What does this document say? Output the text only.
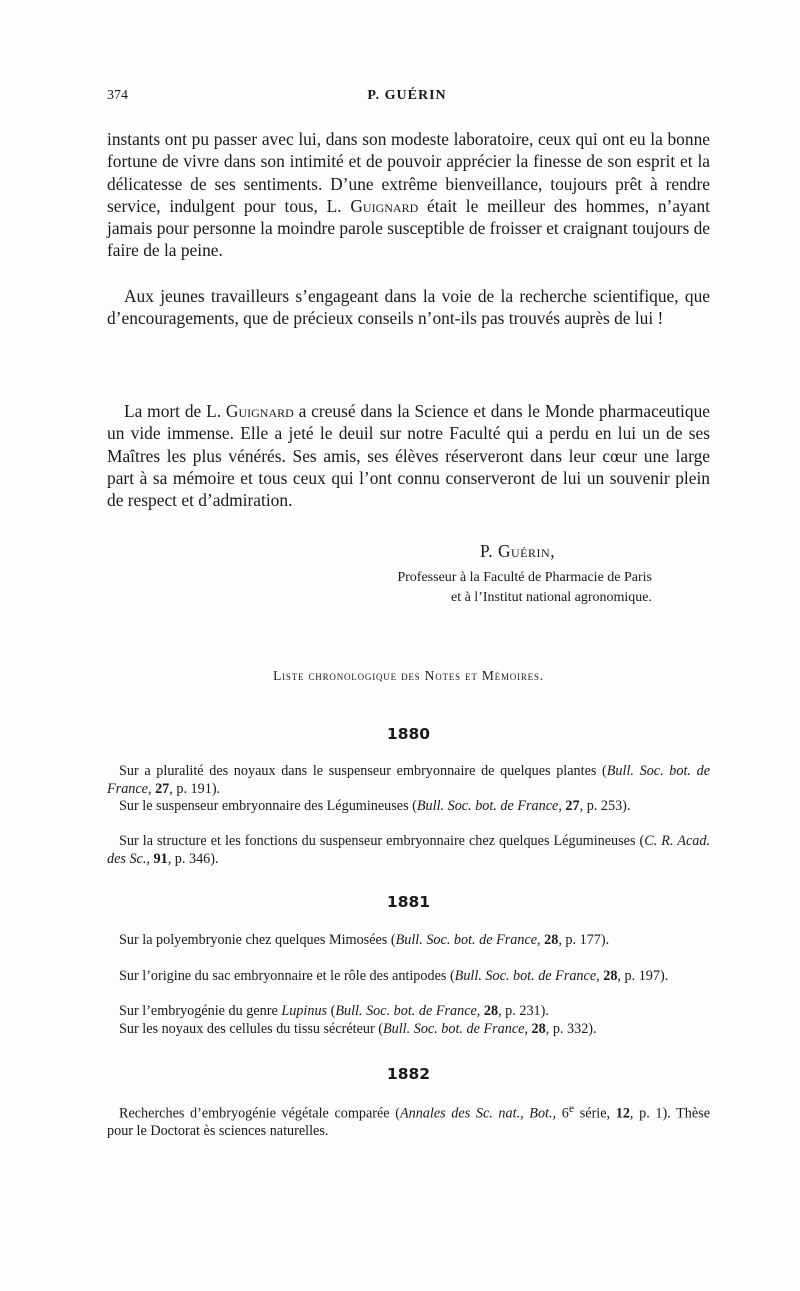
374	P. GUÉRIN

instants ont pu passer avec lui, dans son modeste laboratoire, ceux qui ont eu la bonne fortune de vivre dans son intimité et de pouvoir apprécier la finesse de son esprit et la délicatesse de ses sentiments. D’une extrême bienveillance, toujours prêt à rendre service, indulgent pour tous, L. Guignard était le meilleur des hommes, n’ayant jamais pour personne la moindre parole susceptible de froisser et craignant toujours de faire de la peine.

Aux jeunes travailleurs s’engageant dans la voie de la recherche scientifique, que d’encouragements, que de précieux conseils n’ont-ils pas trouvés auprès de lui !

La mort de L. Guignard a creusé dans la Science et dans le Monde pharmaceutique un vide immense. Elle a jeté le deuil sur notre Faculté qui a perdu en lui un de ses Maîtres les plus vénérés. Ses amis, ses élèves réserveront dans leur cœur une large part à sa mémoire et tous ceux qui l’ont connu conserveront de lui un souvenir plein de respect et d’admiration.

P. Guérin,
Professeur à la Faculté de Pharmacie de Paris
et à l’Institut national agronomique.
Liste chronologique des Notes et Mémoires.
1880

Sur a pluralité des noyaux dans le suspenseur embryonnaire de quelques plantes (Bull. Soc. bot. de France, 27, p. 191).

Sur le suspenseur embryonnaire des Légumineuses (Bull. Soc. bot. de France, 27, p. 253).

Sur la structure et les fonctions du suspenseur embryonnaire chez quelques Légumineuses (C. R. Acad. des Sc., 91, p. 346).

1881

Sur la polyembryonie chez quelques Mimosées (Bull. Soc. bot. de France, 28, p. 177).

Sur l’origine du sac embryonnaire et le rôle des antipodes (Bull. Soc. bot. de France, 28, p. 197).

Sur l’embryogénie du genre Lupinus (Bull. Soc. bot. de France, 28, p. 231).

Sur les noyaux des cellules du tissu sécréteur (Bull. Soc. bot. de France, 28, p. 332).

1882

Recherches d’embryogénie végétale comparée (Annales des Sc. nat., Bot., 6e série, 12, p. 1). Thèse pour le Doctorat ès sciences naturelles.
